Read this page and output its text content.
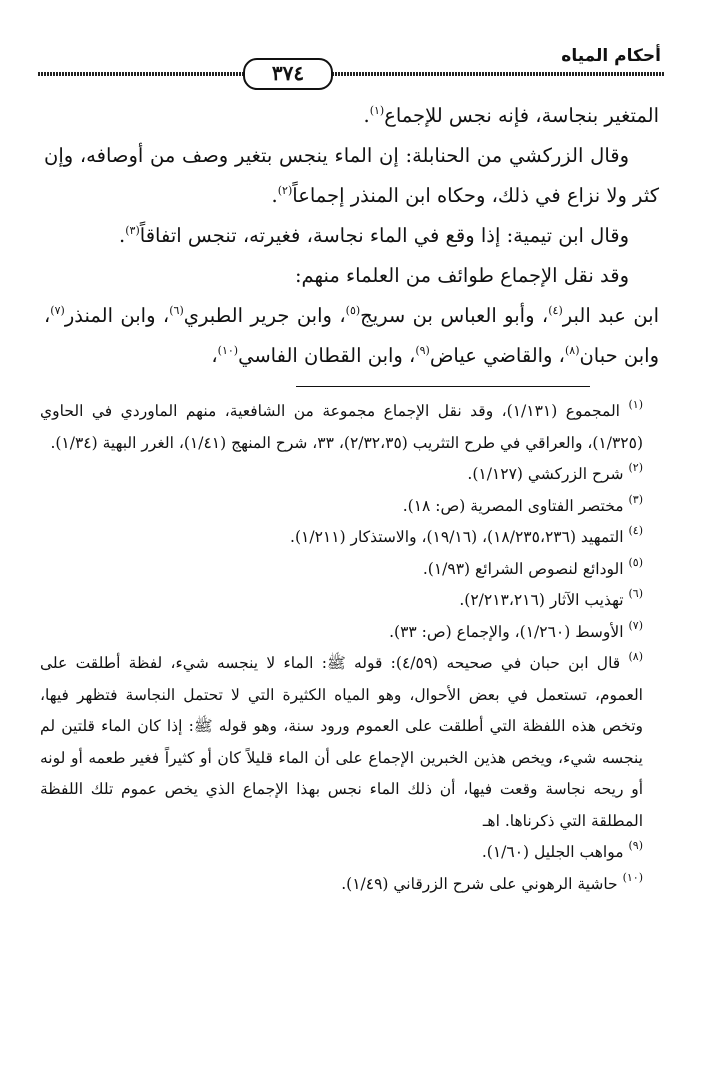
أحكام المياه
٣٧٤

المتغير بنجاسة، فإنه نجس للإجماع$^{(١)}$.

وقال الزركشي من الحنابلة: إن الماء ينجس بتغير وصف من أوصافه، وإن كثر ولا نزاع في ذلك، وحكاه ابن المنذر إجماعاً$^{(٢)}$.

وقال ابن تيمية: إذا وقع في الماء نجاسة، فغيرته، تنجس اتفاقاً$^{(٣)}$.

وقد نقل الإجماع طوائف من العلماء منهم:

ابن عبد البر$^{(٤)}$، وأبو العباس بن سريج$^{(٥)}$، وابن جرير الطبري$^{(٦)}$، وابن المنذر$^{(٧)}$، وابن حبان$^{(٨)}$، والقاضي عياض$^{(٩)}$، وابن القطان الفاسي$^{(١٠)}$،

$^{(١)}$ المجموع (١/١٣١)، وقد نقل الإجماع مجموعة من الشافعية، منهم الماوردي في الحاوي (١/٣٢٥)، والعراقي في طرح التثريب (٢/٣٢،٣٥)، ٣٣، شرح المنهج (١/٤١)، الغرر البهية (١/٣٤).

$^{(٢)}$ شرح الزركشي (١/١٢٧).

$^{(٣)}$ مختصر الفتاوى المصرية (ص: ١٨).

$^{(٤)}$ التمهيد (١٨/٢٣٥،٢٣٦)، (١٩/١٦)، والاستذكار (١/٢١١).

$^{(٥)}$ الودائع لنصوص الشرائع (١/٩٣).

$^{(٦)}$ تهذيب الآثار (٢/٢١٣،٢١٦).

$^{(٧)}$ الأوسط (١/٢٦٠)، والإجماع (ص: ٣٣).

$^{(٨)}$ قال ابن حبان في صحيحه (٤/٥٩): قوله ﷺ: الماء لا ينجسه شيء، لفظة أطلقت على العموم، تستعمل في بعض الأحوال، وهو المياه الكثيرة التي لا تحتمل النجاسة فتظهر فيها، وتخص هذه اللفظة التي أطلقت على العموم ورود سنة، وهو قوله ﷺ: إذا كان الماء قلتين لم ينجسه شيء، ويخص هذين الخبرين الإجماع على أن الماء قليلاً كان أو كثيراً فغير طعمه أو لونه أو ريحه نجاسة وقعت فيها، أن ذلك الماء نجس بهذا الإجماع الذي يخص عموم تلك اللفظة المطلقة التي ذكرناها. اهـ

$^{(٩)}$ مواهب الجليل (١/٦٠).

$^{(١٠)}$ حاشية الرهوني على شرح الزرقاني (١/٤٩).
